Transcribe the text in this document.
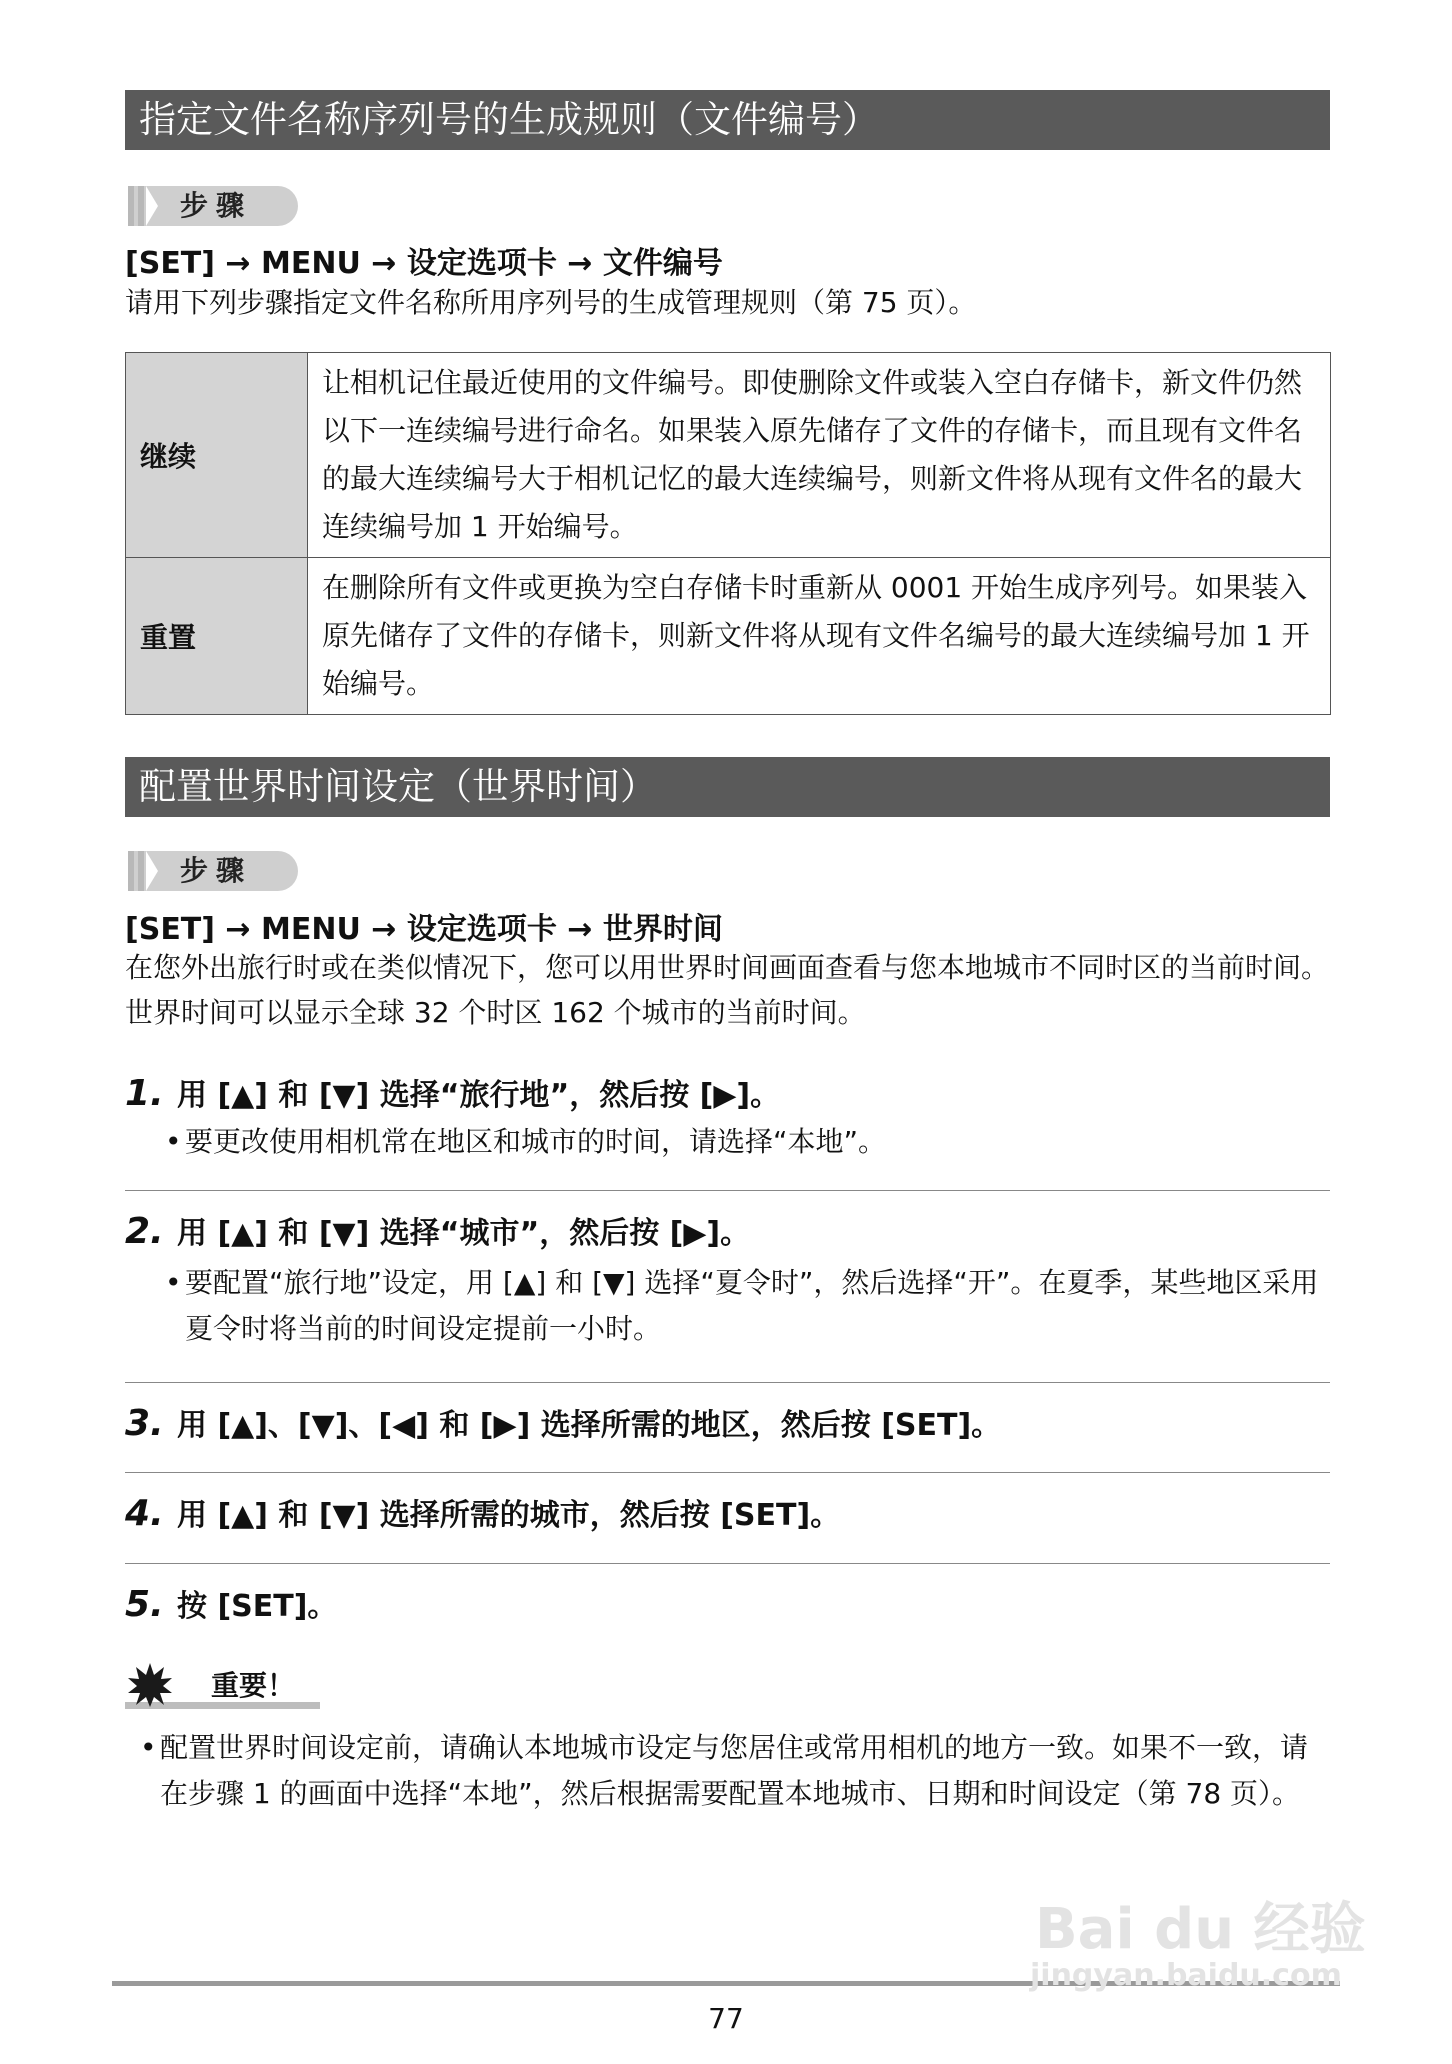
指定文件名称序列号的生成规则（文件编号）
步骤
[SET] → MENU → 设定选项卡 → 文件编号
请用下列步骤指定文件名称所用序列号的生成管理规则（第 75 页）。
继续	让相机记住最近使用的文件编号。即使删除文件或装入空白存储卡，新文件仍然以下一连续编号进行命名。如果装入原先储存了文件的存储卡，而且现有文件名的最大连续编号大于相机记忆的最大连续编号，则新文件将从现有文件名的最大连续编号加 1 开始编号。
重置	在删除所有文件或更换为空白存储卡时重新从 0001 开始生成序列号。如果装入原先储存了文件的存储卡，则新文件将从现有文件名编号的最大连续编号加 1 开始编号。
配置世界时间设定（世界时间）
步骤
[SET] → MENU → 设定选项卡 → 世界时间
在您外出旅行时或在类似情况下，您可以用世界时间画面查看与您本地城市不同时区的当前时间。世界时间可以显示全球 32 个时区 162 个城市的当前时间。
1. 用 [▲] 和 [▼] 选择“旅行地”，然后按 [▶]。
• 要更改使用相机常在地区和城市的时间，请选择“本地”。
2. 用 [▲] 和 [▼] 选择“城市”，然后按 [▶]。
• 要配置“旅行地”设定，用 [▲] 和 [▼] 选择“夏令时”，然后选择“开”。在夏季，某些地区采用夏令时将当前的时间设定提前一小时。
3. 用 [▲]、[▼]、[◀] 和 [▶] 选择所需的地区，然后按 [SET]。
4. 用 [▲] 和 [▼] 选择所需的城市，然后按 [SET]。
5. 按 [SET]。
重要！
• 配置世界时间设定前，请确认本地城市设定与您居住或常用相机的地方一致。如果不一致，请在步骤 1 的画面中选择“本地”，然后根据需要配置本地城市、日期和时间设定（第 78 页）。
77
Bai du 经验
jingyan.baidu.com
